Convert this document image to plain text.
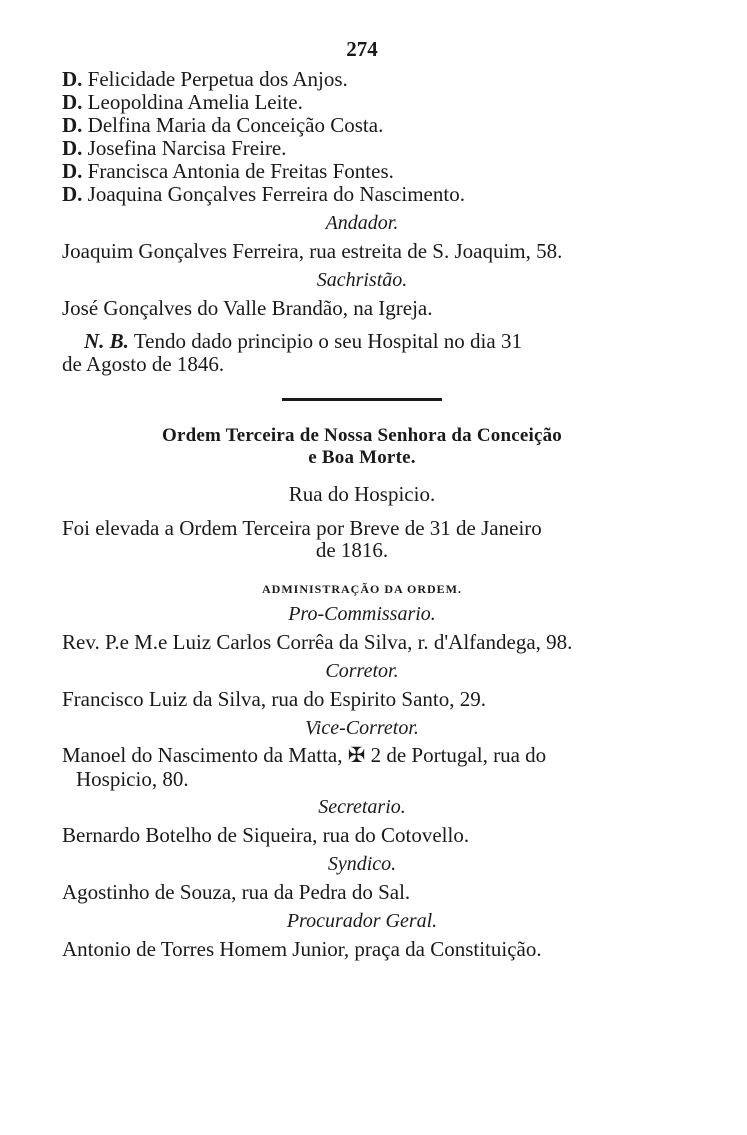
274
D. Felicidade Perpetua dos Anjos.
D. Leopoldina Amelia Leite.
D. Delfina Maria da Conceição Costa.
D. Josefina Narcisa Freire.
D. Francisca Antonia de Freitas Fontes.
D. Joaquina Gonçalves Ferreira do Nascimento.
Andador.
Joaquim Gonçalves Ferreira, rua estreita de S. Joaquim, 58.
Sachristão.
José Gonçalves do Valle Brandão, na Igreja.
N. B. Tendo dado principio o seu Hospital no dia 31
de Agosto de 1846.
Ordem Terceira de Nossa Senhora da Conceição
e Boa Morte.
Rua do Hospicio.
Foi elevada a Ordem Terceira por Breve de 31 de Janeiro
de 1816.
ADMINISTRAÇÃO DA ORDEM.
Pro-Commissario.
Rev. P.e M.e Luiz Carlos Corrêa da Silva, r. d'Alfandega, 98.
Corretor.
Francisco Luiz da Silva, rua do Espirito Santo, 29.
Vice-Corretor.
Manoel do Nascimento da Matta, ✠ 2 de Portugal, rua do
Hospicio, 80.
Secretario.
Bernardo Botelho de Siqueira, rua do Cotovello.
Syndico.
Agostinho de Souza, rua da Pedra do Sal.
Procurador Geral.
Antonio de Torres Homem Junior, praça da Constituição.
